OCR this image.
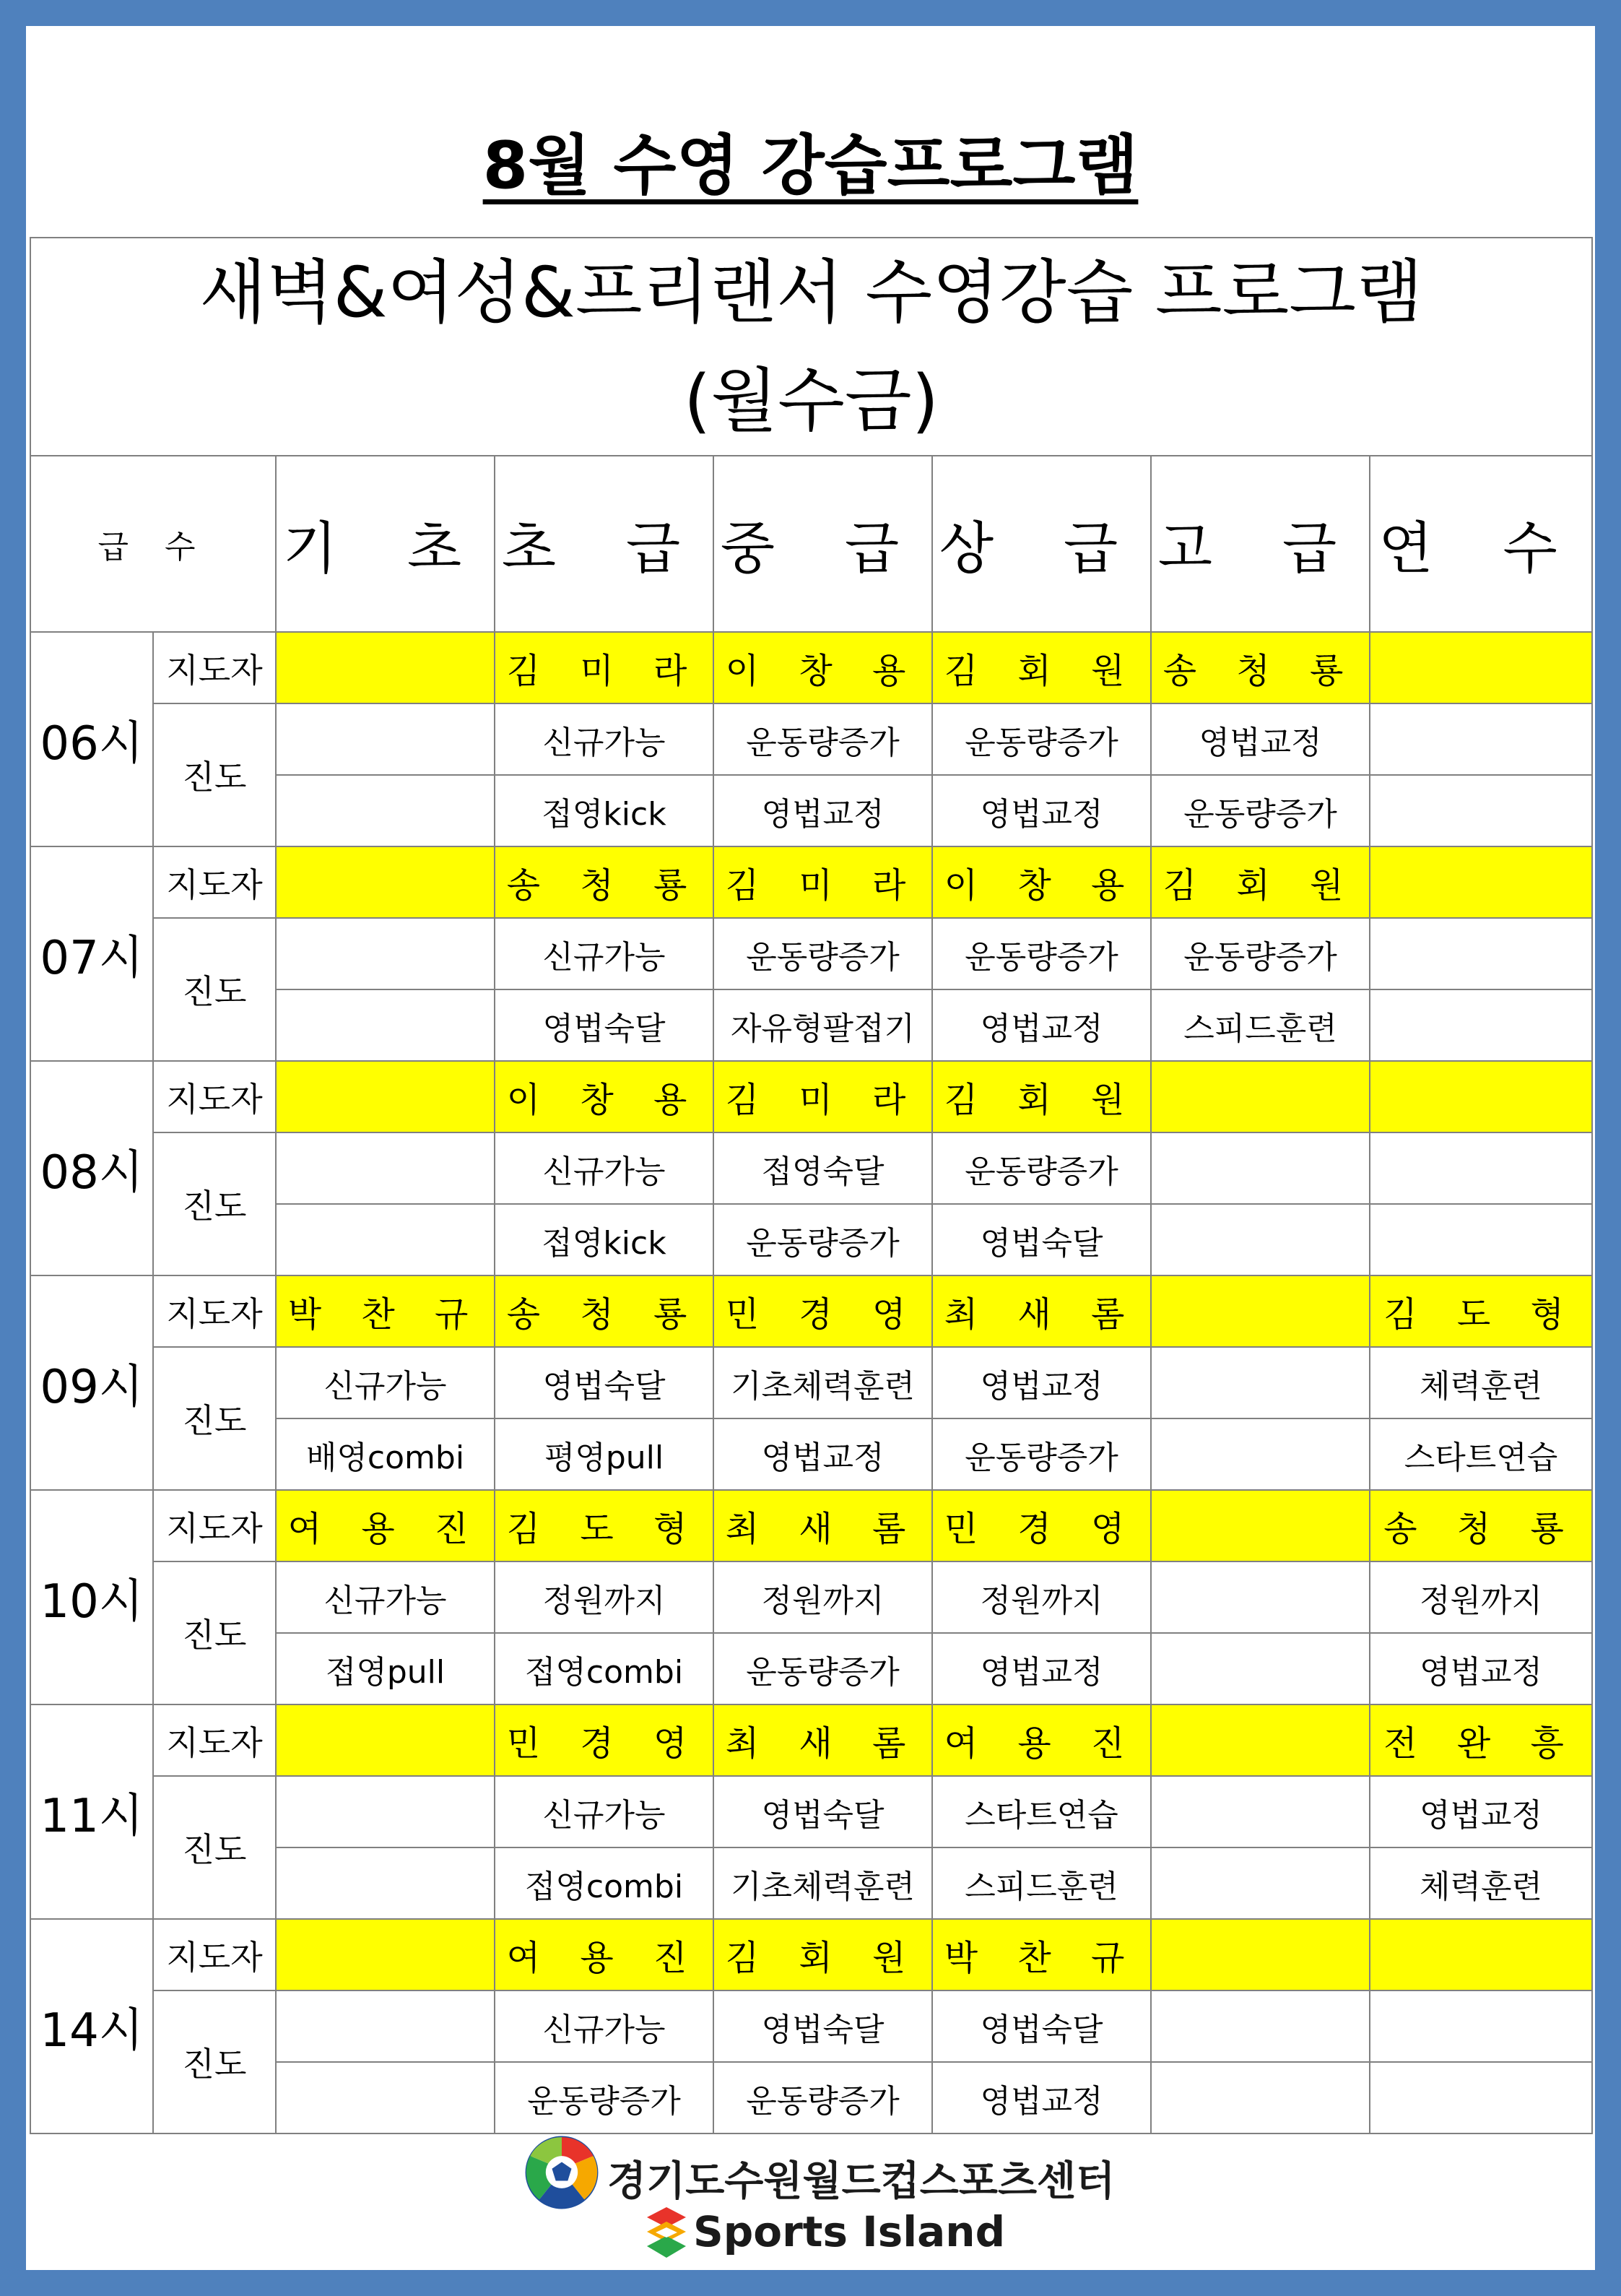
8월 수영 강습프로그램
새벽&여성&프리랜서 수영강습 프로그램
(월수금)							

급 수		기 초	초 급	중 급	상 급	고 급	연 수
06시	지도자		김 미 라	이 창 용	김 회 원	송 청 룡	
	진도		신규가능	운동량증가	운동량증가	영법교정	
			접영kick	영법교정	영법교정	운동량증가	
07시	지도자		송 청 룡	김 미 라	이 창 용	김 회 원	
	진도		신규가능	운동량증가	운동량증가	운동량증가	
			영법숙달	자유형팔접기	영법교정	스피드훈련	
08시	지도자		이 창 용	김 미 라	김 회 원		
	진도		신규가능	접영숙달	운동량증가		
			접영kick	운동량증가	영법숙달		
09시	지도자	박 찬 규	송 청 룡	민 경 영	최 새 롬		김 도 형
	진도	신규가능	영법숙달	기초체력훈련	영법교정		체력훈련
		배영combi	평영pull	영법교정	운동량증가		스타트연습
10시	지도자	여 용 진	김 도 형	최 새 롬	민 경 영		송 청 룡
	진도	신규가능	정원까지	정원까지	정원까지		정원까지
		접영pull	접영combi	운동량증가	영법교정		영법교정
11시	지도자		민 경 영	최 새 롬	여 용 진		전 완 흥
	진도		신규가능	영법숙달	스타트연습		영법교정
			접영combi	기초체력훈련	스피드훈련		체력훈련
14시	지도자		여 용 진	김 회 원	박 찬 규		
	진도		신규가능	영법숙달	영법숙달		
			운동량증가	운동량증가	영법교정		
경기도수원월드컵스포츠센터
Sports Island
